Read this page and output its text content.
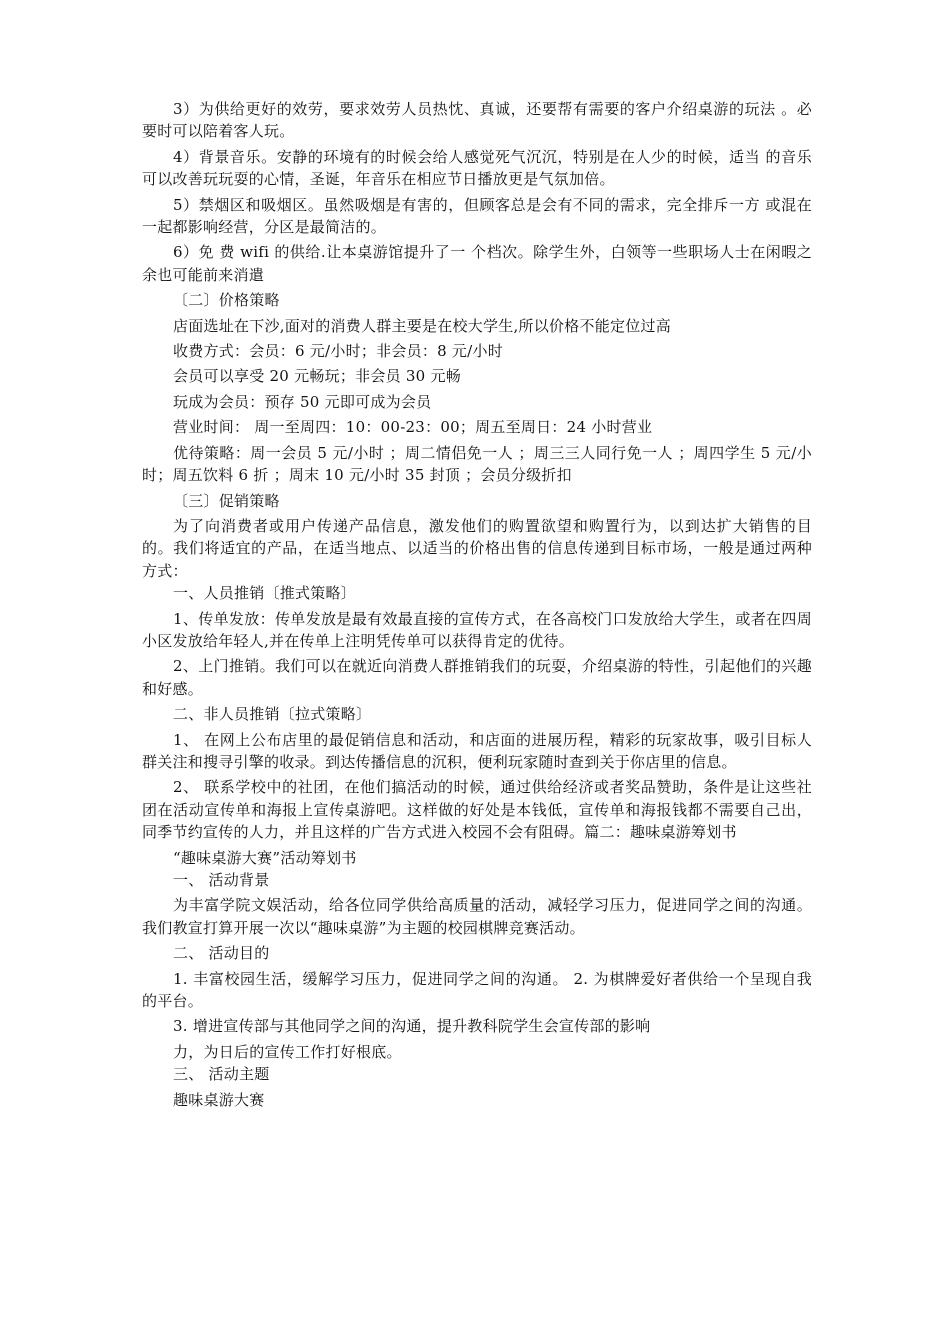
3）为供给更好的效劳，要求效劳人员热忱、真诚，还要帮有需要的客户介绍桌游的玩法 。必要时可以陪着客人玩。

4）背景音乐。安静的环境有的时候会给人感觉死气沉沉，特别是在人少的时候，适当 的音乐可以改善玩玩耍的心情，圣诞，年音乐在相应节日播放更是气氛加倍。

5）禁烟区和吸烟区。虽然吸烟是有害的，但顾客总是会有不同的需求，完全排斥一方 或混在一起都影响经营，分区是最简洁的。

6）免 费 wifi 的供给.让本桌游馆提升了一 个档次。除学生外，白领等一些职场人士在闲暇之余也可能前来消遣

〔二〕价格策略

店面选址在下沙,面对的消费人群主要是在校大学生,所以价格不能定位过高

收费方式：会员：6 元/小时；非会员：8 元/小时

会员可以享受 20 元畅玩；非会员 30 元畅

玩成为会员：预存 50 元即可成为会员

营业时间： 周一至周四：10：00-23：00；周五至周日：24 小时营业

优待策略：周一会员 5 元/小时 ；周二情侣免一人 ；周三三人同行免一人 ；周四学生 5 元/小时；周五饮料 6 折 ；周末 10 元/小时 35 封顶 ；会员分级折扣

〔三〕促销策略

为了向消费者或用户传递产品信息，激发他们的购置欲望和购置行为，以到达扩大销售的目的。我们将适宜的产品，在适当地点、以适当的价格出售的信息传递到目标市场，一般是通过两种方式：

一、人员推销〔推式策略〕

1、传单发放：传单发放是最有效最直接的宣传方式，在各高校门口发放给大学生，或者在四周小区发放给年轻人,并在传单上注明凭传单可以获得肯定的优待。

2、上门推销。我们可以在就近向消费人群推销我们的玩耍，介绍桌游的特性，引起他们的兴趣和好感。

二、非人员推销〔拉式策略〕

1、 在网上公布店里的最促销信息和活动，和店面的进展历程，精彩的玩家故事，吸引目标人群关注和搜寻引擎的收录。到达传播信息的沉积，便利玩家随时查到关于你店里的信息。

2、 联系学校中的社团，在他们搞活动的时候，通过供给经济或者奖品赞助，条件是让这些社团在活动宣传单和海报上宣传桌游吧。这样做的好处是本钱低，宣传单和海报钱都不需要自己出，同季节约宣传的人力，并且这样的广告方式进入校园不会有阻碍。篇二：趣味桌游筹划书

“趣味桌游大赛”活动筹划书

一、 活动背景

为丰富学院文娱活动，给各位同学供给高质量的活动，减轻学习压力，促进同学之间的沟通。我们教宣打算开展一次以“趣味桌游”为主题的校园棋牌竞赛活动。

二、 活动目的

1. 丰富校园生活，缓解学习压力，促进同学之间的沟通。 2. 为棋牌爱好者供给一个呈现自我的平台。

3. 增进宣传部与其他同学之间的沟通，提升教科院学生会宣传部的影响

力，为日后的宣传工作打好根底。

三、 活动主题

趣味桌游大赛
